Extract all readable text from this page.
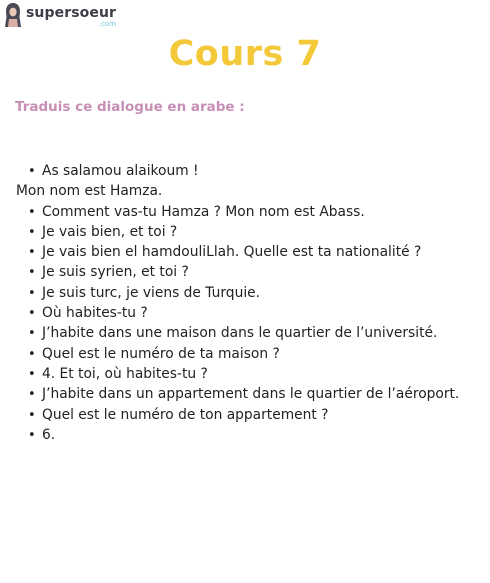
supersoeur
.com
Cours 7
Traduis ce dialogue en arabe :
• As salamou alaikoum !
Mon nom est Hamza.
• Comment vas-tu Hamza ? Mon nom est Abass.
• Je vais bien, et toi ?
• Je vais bien el hamdouliLlah. Quelle est ta nationalité ?
• Je suis syrien, et toi ?
• Je suis turc, je viens de Turquie.
• Où habites-tu ?
• J’habite dans une maison dans le quartier de l’université.
• Quel est le numéro de ta maison ?
• 4. Et toi, où habites-tu ?
• J’habite dans un appartement dans le quartier de l’aéroport.
• Quel est le numéro de ton appartement ?
• 6.
